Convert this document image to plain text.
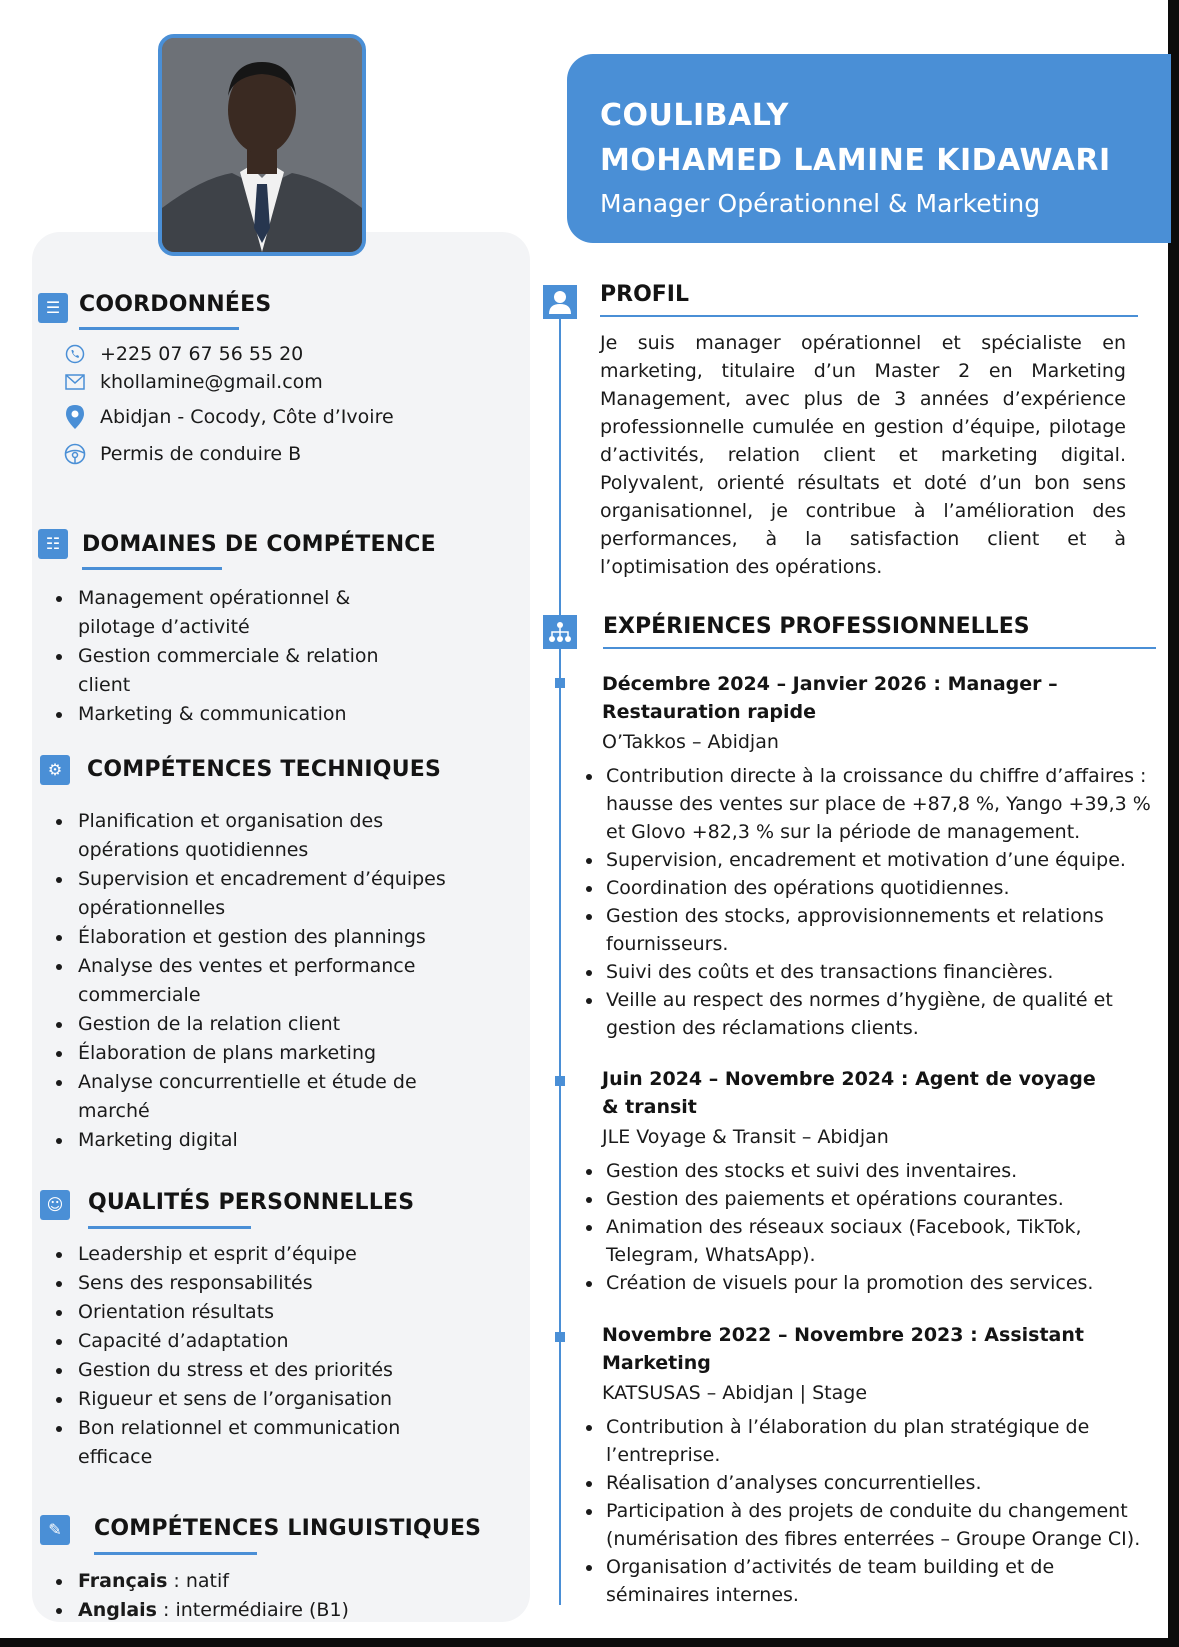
☰ COORDONNÉES
+225 07 67 56 55 20
khollamine@gmail.com
Abidjan - Cocody, Côte d’Ivoire
Permis de conduire B
☷ DOMAINES DE COMPÉTENCE
Management opérationnel & pilotage d’activité
Gestion commerciale & relation client
Marketing & communication
⚙	COMPÉTENCES TECHNIQUES
Planification et organisation des opérations quotidiennes
Supervision et encadrement d’équipes opérationnelles
Élaboration et gestion des plannings
Analyse des ventes et performance commerciale
Gestion de la relation client
Élaboration de plans marketing
Analyse concurrentielle et étude de marché
Marketing digital
☺	QUALITÉS PERSONNELLES
Leadership et esprit d’équipe
Sens des responsabilités
Orientation résultats
Capacité d’adaptation
Gestion du stress et des priorités
Rigueur et sens de l’organisation
Bon relationnel et communication efficace
✎	COMPÉTENCES LINGUISTIQUES
Français : natif
Anglais : intermédiaire (B1)
COULIBALY
MOHAMED LAMINE KIDAWARI
Manager Opérationnel & Marketing
PROFIL
Je suis manager opérationnel et spécialiste en marketing, titulaire d’un Master 2 en Marketing Management, avec plus de 3 années d’expérience professionnelle cumulée en gestion d’équipe, pilotage d’activités, relation client et marketing digital. Polyvalent, orienté résultats et doté d’un bon sens organisationnel, je contribue à l’amélioration des performances, à la satisfaction client et à l’optimisation des opérations.
EXPÉRIENCES PROFESSIONNELLES
Décembre 2024 – Janvier 2026 : Manager – Restauration rapide
O’Takkos – Abidjan
Contribution directe à la croissance du chiffre d’affaires : hausse des ventes sur place de +87,8 %, Yango +39,3 % et Glovo +82,3 % sur la période de management.
Supervision, encadrement et motivation d’une équipe.
Coordination des opérations quotidiennes.
Gestion des stocks, approvisionnements et relations fournisseurs.
Suivi des coûts et des transactions financières.
Veille au respect des normes d’hygiène, de qualité et gestion des réclamations clients.
Juin 2024 – Novembre 2024 : Agent de voyage & transit
JLE Voyage & Transit – Abidjan
Gestion des stocks et suivi des inventaires.
Gestion des paiements et opérations courantes.
Animation des réseaux sociaux (Facebook, TikTok, Telegram, WhatsApp).
Création de visuels pour la promotion des services.
Novembre 2022 – Novembre 2023 : Assistant Marketing
KATSUSAS – Abidjan | Stage
Contribution à l’élaboration du plan stratégique de l’entreprise.
Réalisation d’analyses concurrentielles.
Participation à des projets de conduite du changement (numérisation des fibres enterrées – Groupe Orange CI).
Organisation d’activités de team building et de séminaires internes.
